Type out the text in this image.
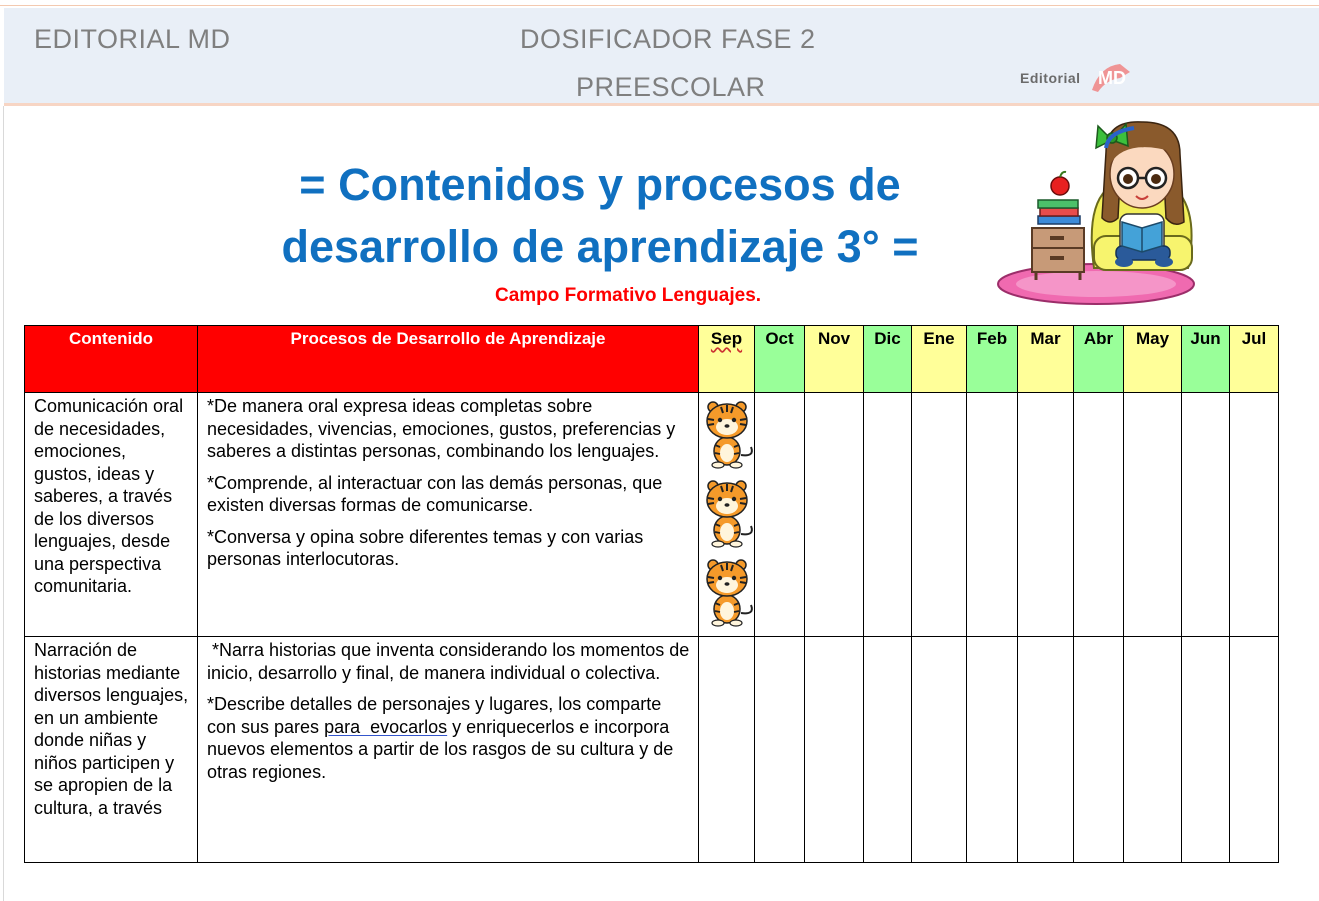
EDITORIAL MD	DOSIFICADOR FASE 2
PREESCOLAR	Editorial MD
= Contenidos y procesos de
desarrollo de aprendizaje 3° =
Campo Formativo Lenguajes.
Contenido	Procesos de Desarrollo de Aprendizaje	Sep	Oct	Nov	Dic	Ene	Feb	Mar	Abr	May	Jun	Jul
Comunicación oral de necesidades, emociones, gustos, ideas y saberes, a través de los diversos lenguajes, desde una perspectiva comunitaria.	*De manera oral expresa ideas completas sobre necesidades, vivencias, emociones, gustos, preferencias y saberes a distintas personas, combinando los lenguajes.

*Comprende, al interactuar con las demás personas, que existen diversas formas de comunicarse.

*Conversa y opina sobre diferentes temas y con varias personas interlocutoras.

Narración de historias mediante diversos lenguajes, en un ambiente donde niñas y niños participen y se apropien de la cultura, a través	*Narra historias que inventa considerando los momentos de inicio, desarrollo y final, de manera individual o colectiva.

*Describe detalles de personajes y lugares, los comparte con sus pares para  evocarlos y enriquecerlos e incorpora nuevos elementos a partir de los rasgos de su cultura y de otras regiones.											
